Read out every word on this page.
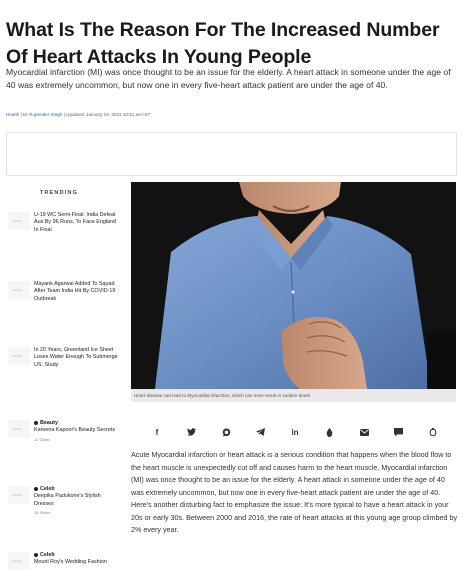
What Is The Reason For The Increased Number Of Heart Attacks In Young People
Myocardial infarction (MI) was once thought to be an issue for the elderly. A heart attack in someone under the age of 40 was extremely uncommon, but now one in every five-heart attack patient are under the age of 40.
Health | Dr Rupender Singh | Updated: January 19, 2023 10:51 am IST
TRENDING
IMAGE
U-19 WC Semi-Final: India Defeat Aus By 96 Runs, To Face England In Final
IMAGE
Mayank Agarwal Added To Squad After Team India Hit By COVID-19 Outbreak
IMAGE
In 20 Years, Greenland Ice Sheet Loses Water Enough To Submerge US: Study
IMAGE
Beauty
Kareena Kapoor's Beauty Secrets
11 Slides
IMAGE
Celeb
Deepika Padukone's Stylish Dresses
15 Slides
IMAGE
Celeb
Mouni Roy's Wedding Fashion
Heart disease can lead to Myocardial infarction, which can even result in sudden death.
f	in

Acute Myocardial infarction or heart attack is a serious condition that happens when the blood flow to the heart muscle is unexpectedly cut off and causes harm to the heart muscle. Myocardial infarction (MI) was once thought to be an issue for the elderly. A heart attack in someone under the age of 40 was extremely uncommon, but now one in every five-heart attack patient are under the age of 40. Here's another disturbing fact to emphasize the issue: It's more typical to have a heart attack in your 20s or early 30s. Between 2000 and 2016, the rate of heart attacks at this young age group climbed by 2% every year.
